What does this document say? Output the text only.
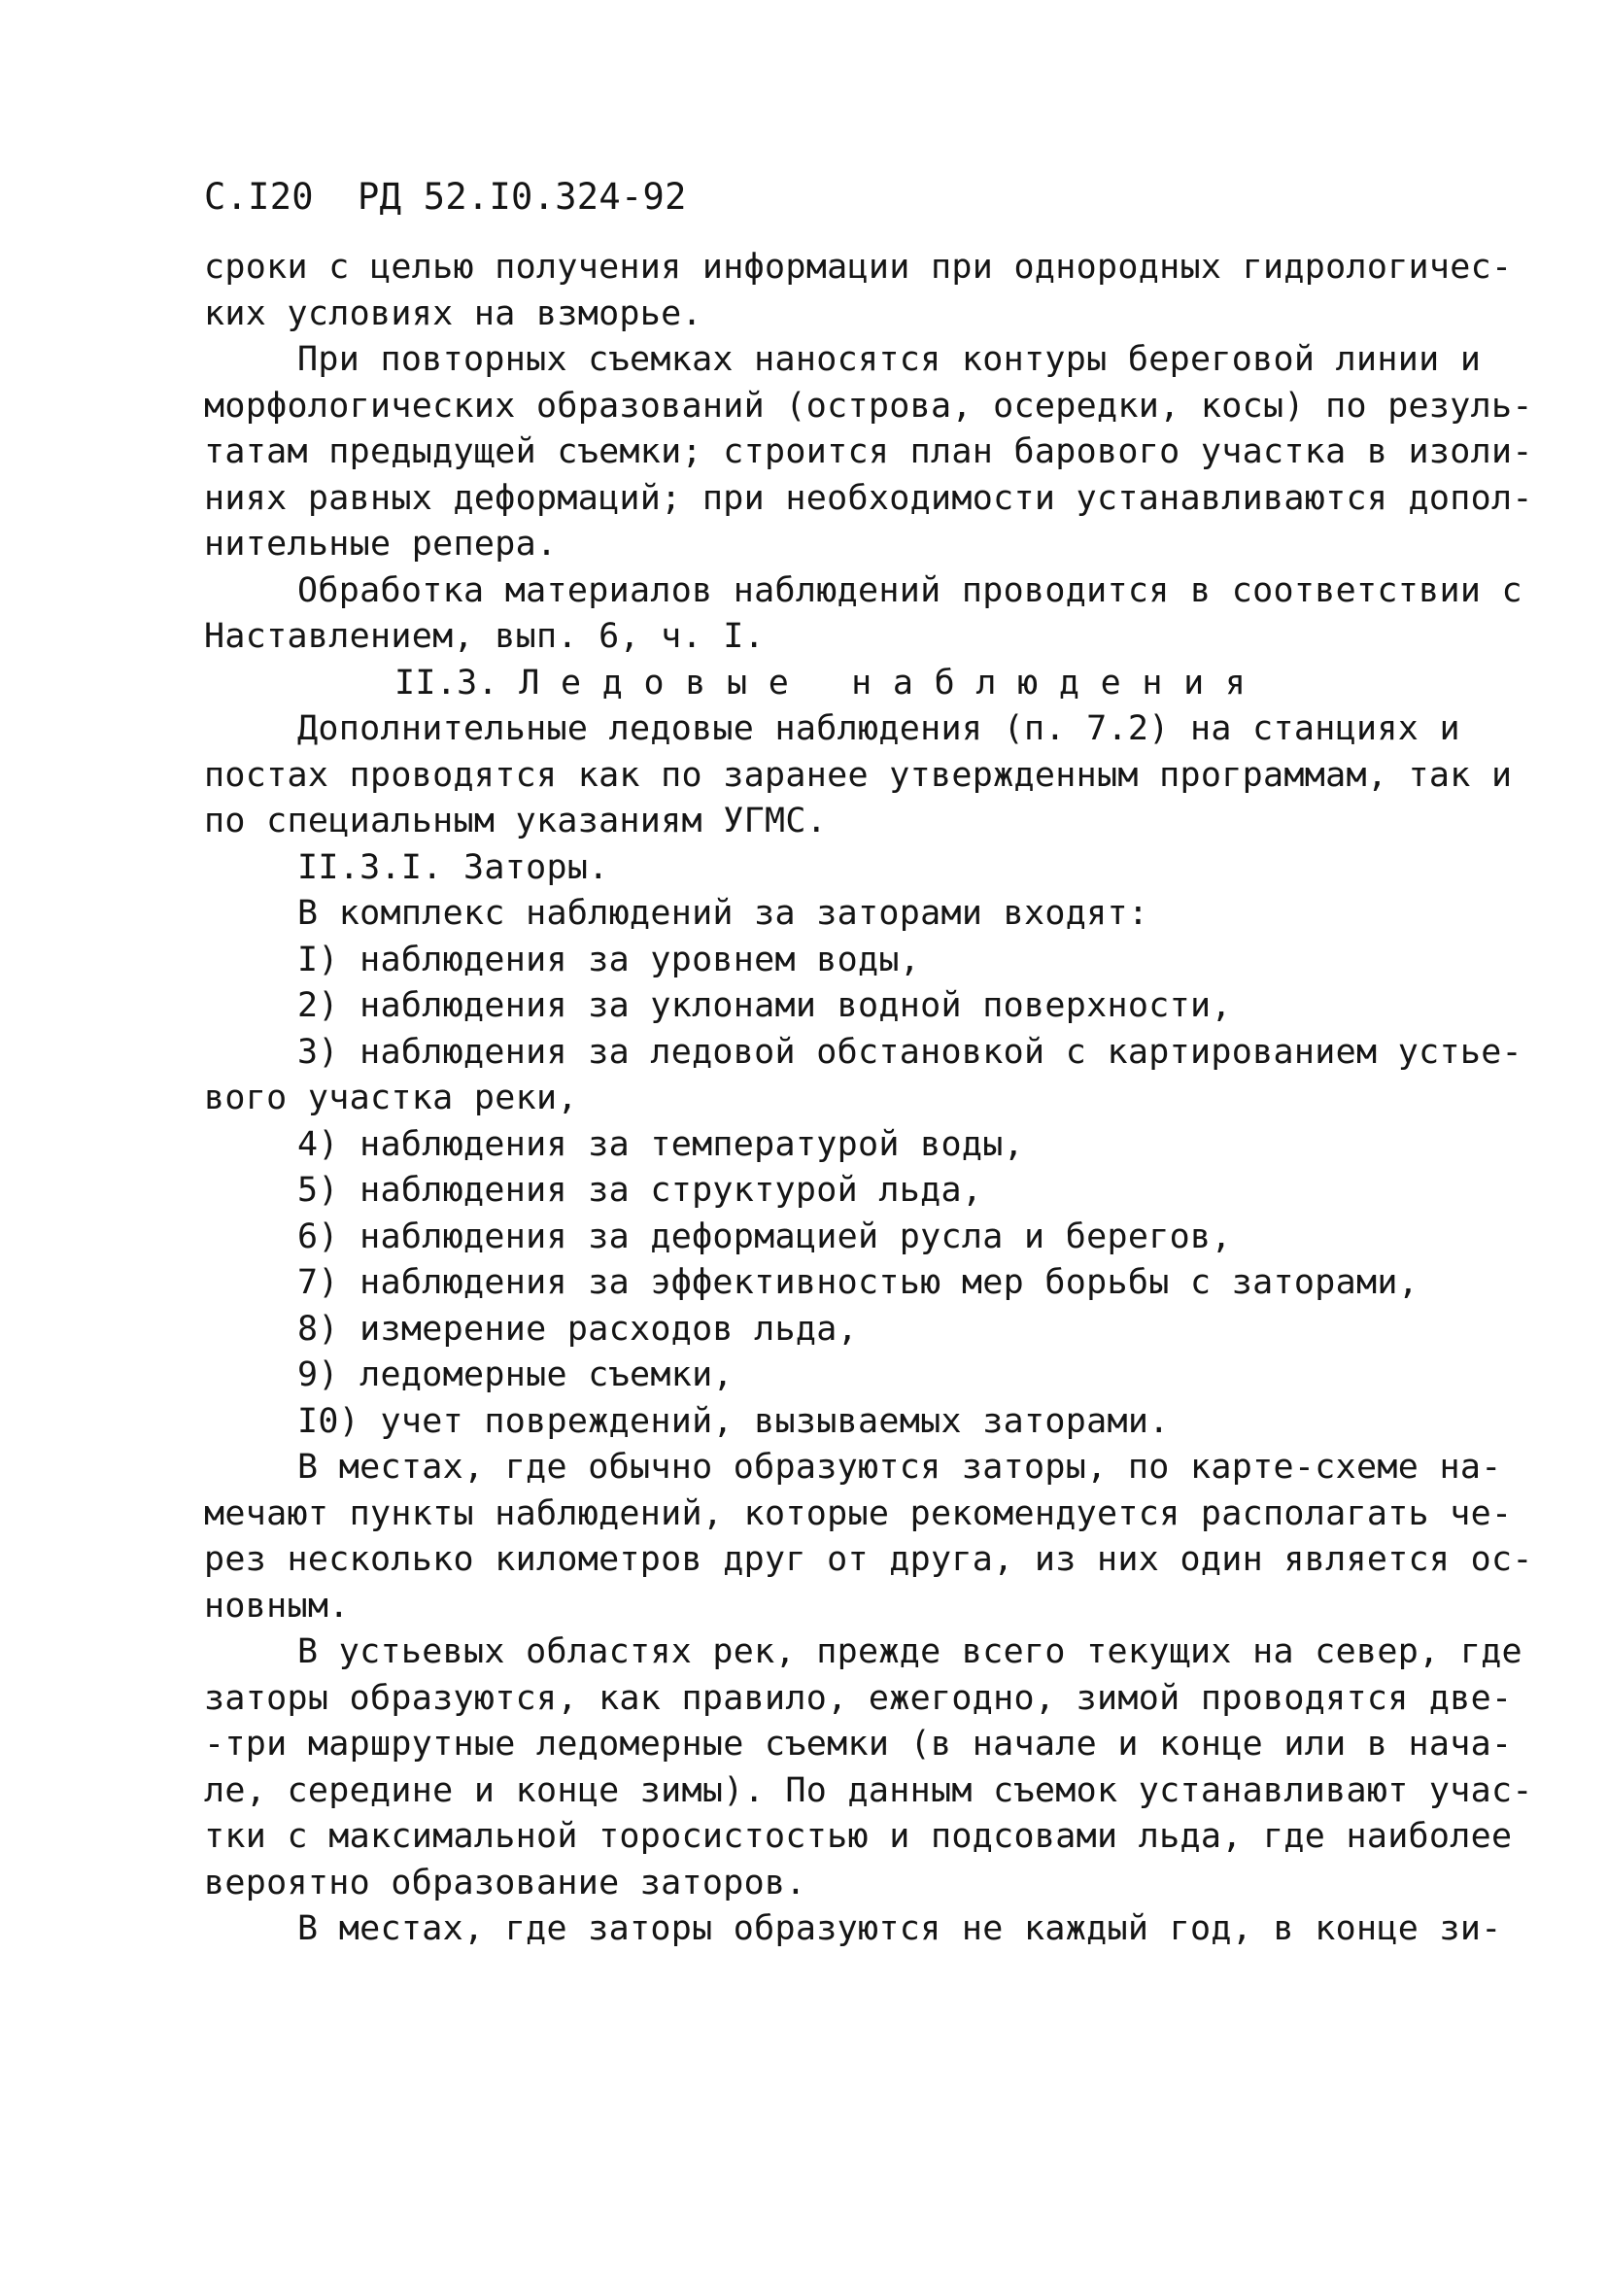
С.I20  РД 52.I0.324-92
сроки с целью получения информации при однородных гидрологичес-
ких условиях на взморье.
При повторных съемках наносятся контуры береговой линии и
морфологических образований (острова, осередки, косы) по резуль-
татам предыдущей съемки; строится план барового участка в изоли-
ниях равных деформаций; при необходимости устанавливаются допол-
нительные репера.
Обработка материалов наблюдений проводится в соответствии с
Наставлением, вып. 6, ч. I.
II.3. Л е д о в ы е   н а б л ю д е н и я
Дополнительные ледовые наблюдения (п. 7.2) на станциях и
постах проводятся как по заранее утвержденным программам, так и
по специальным указаниям УГМС.
II.3.I. Заторы.
В комплекс наблюдений за заторами входят:
I) наблюдения за уровнем воды,
2) наблюдения за уклонами водной поверхности,
3) наблюдения за ледовой обстановкой с картированием устье-
вого участка реки,
4) наблюдения за температурой воды,
5) наблюдения за структурой льда,
6) наблюдения за деформацией русла и берегов,
7) наблюдения за эффективностью мер борьбы с заторами,
8) измерение расходов льда,
9) ледомерные съемки,
I0) учет повреждений, вызываемых заторами.
В местах, где обычно образуются заторы, по карте-схеме на-
мечают пункты наблюдений, которые рекомендуется располагать че-
рез несколько километров друг от друга, из них один является ос-
новным.
В устьевых областях рек, прежде всего текущих на север, где
заторы образуются, как правило, ежегодно, зимой проводятся две-
-три маршрутные ледомерные съемки (в начале и конце или в нача-
ле, середине и конце зимы). По данным съемок устанавливают учас-
тки с максимальной торосистостью и подсовами льда, где наиболее
вероятно образование заторов.
В местах, где заторы образуются не каждый год, в конце зи-
